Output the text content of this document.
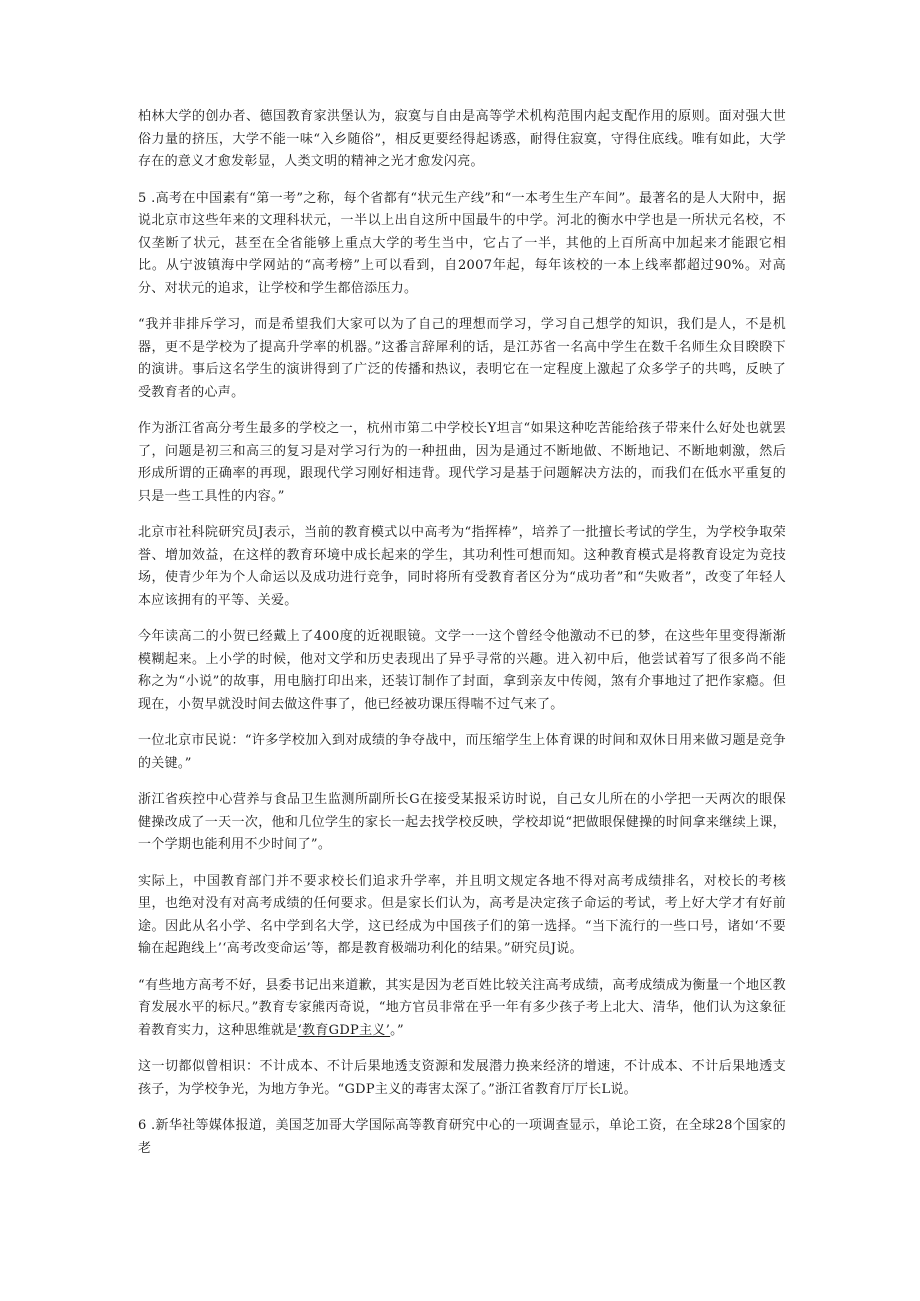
柏林大学的创办者、德国教育家洪堡认为，寂寞与自由是高等学术机构范围内起支配作用的原则。面对强大世俗力量的挤压，大学不能一味“入乡随俗”，相反更要经得起诱惑，耐得住寂寞，守得住底线。唯有如此，大学存在的意义才愈发彰显，人类文明的精神之光才愈发闪亮。

5 .高考在中国素有“第一考”之称，每个省都有“状元生产线”和“一本考生生产车间”。最著名的是人大附中，据说北京市这些年来的文理科状元，一半以上出自这所中国最牛的中学。河北的衡水中学也是一所状元名校，不仅垄断了状元，甚至在全省能够上重点大学的考生当中，它占了一半，其他的上百所高中加起来才能跟它相比。从宁波镇海中学网站的“高考榜”上可以看到，自2007年起，每年该校的一本上线率都超过90%。对高分、对状元的追求，让学校和学生都倍添压力。

“我并非排斥学习，而是希望我们大家可以为了自己的理想而学习，学习自己想学的知识，我们是人，不是机器，更不是学校为了提高升学率的机器。”这番言辞犀利的话，是江苏省一名高中学生在数千名师生众目睽睽下的演讲。事后这名学生的演讲得到了广泛的传播和热议，表明它在一定程度上激起了众多学子的共鸣，反映了受教育者的心声。

作为浙江省高分考生最多的学校之一，杭州市第二中学校长Y坦言“如果这种吃苦能给孩子带来什么好处也就罢了，问题是初三和高三的复习是对学习行为的一种扭曲，因为是通过不断地做、不断地记、不断地刺激，然后形成所谓的正确率的再现，跟现代学习刚好相违背。现代学习是基于问题解决方法的，而我们在低水平重复的只是一些工具性的内容。”

北京市社科院研究员J表示，当前的教育模式以中高考为“指挥棒”，培养了一批擅长考试的学生，为学校争取荣誉、增加效益，在这样的教育环境中成长起来的学生，其功利性可想而知。这种教育模式是将教育设定为竞技场，使青少年为个人命运以及成功进行竞争，同时将所有受教育者区分为“成功者”和“失败者”，改变了年轻人本应该拥有的平等、关爱。

今年读高二的小贺已经戴上了400度的近视眼镜。文学一一这个曾经令他激动不已的梦，在这些年里变得渐渐模糊起来。上小学的时候，他对文学和历史表现出了异乎寻常的兴趣。进入初中后，他尝试着写了很多尚不能称之为“小说”的故事，用电脑打印出来，还装订制作了封面，拿到亲友中传阅，煞有介事地过了把作家瘾。但现在，小贺早就没时间去做这件事了，他已经被功课压得喘不过气来了。

一位北京市民说：“许多学校加入到对成绩的争夺战中，而压缩学生上体育课的时间和双休日用来做习题是竞争的关键。”

浙江省疾控中心营养与食品卫生监测所副所长G在接受某报采访时说，自己女儿所在的小学把一天两次的眼保健操改成了一天一次，他和几位学生的家长一起去找学校反映，学校却说“把做眼保健操的时间拿来继续上课，一个学期也能利用不少时间了”。

实际上，中国教育部门并不要求校长们追求升学率，并且明文规定各地不得对高考成绩排名，对校长的考核里，也绝对没有对高考成绩的任何要求。但是家长们认为，高考是决定孩子命运的考试，考上好大学才有好前途。因此从名小学、名中学到名大学，这已经成为中国孩子们的第一选择。“当下流行的一些口号，诸如‘不要输在起跑线上’‘高考改变命运’等，都是教育极端功利化的结果。”研究员J说。

“有些地方高考不好，县委书记出来道歉，其实是因为老百姓比较关注高考成绩，高考成绩成为衡量一个地区教育发展水平的标尺。”教育专家熊丙奇说，“地方官员非常在乎一年有多少孩子考上北大、清华，他们认为这象征着教育实力，这种思维就是‘教育GDP主义’。”

这一切都似曾相识：不计成本、不计后果地透支资源和发展潜力换来经济的增速，不计成本、不计后果地透支孩子，为学校争光，为地方争光。“GDP主义的毒害太深了。”浙江省教育厅厅长L说。

6 .新华社等媒体报道，美国芝加哥大学国际高等教育研究中心的一项调查显示，单论工资，在全球28个国家的老
